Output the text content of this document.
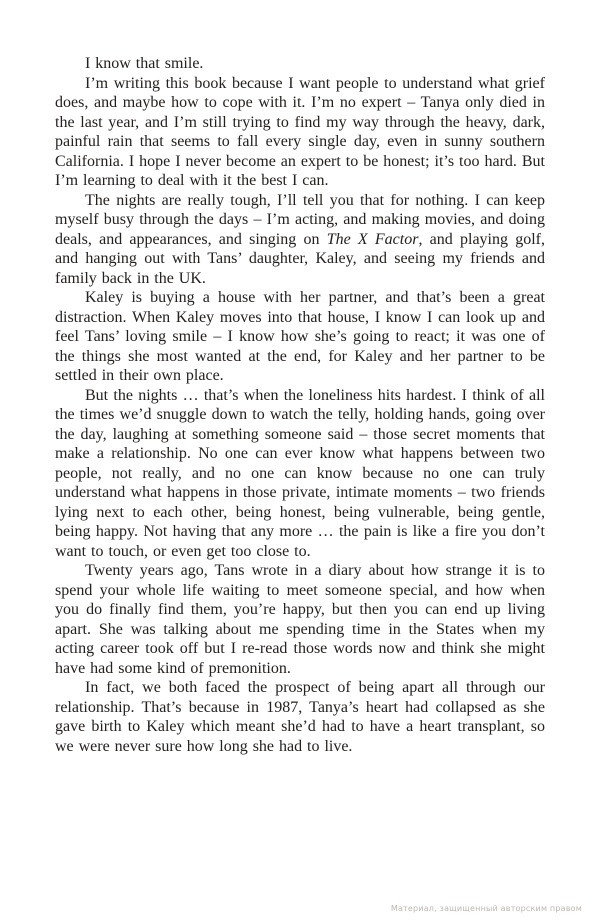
I know that smile.

I’m writing this book because I want people to understand what grief does, and maybe how to cope with it. I’m no expert – Tanya only died in the last year, and I’m still trying to find my way through the heavy, dark, painful rain that seems to fall every single day, even in sunny southern California. I hope I never become an expert to be honest; it’s too hard. But I’m learning to deal with it the best I can.

The nights are really tough, I’ll tell you that for nothing. I can keep myself busy through the days – I’m acting, and making movies, and doing deals, and appearances, and singing on The X Factor, and playing golf, and hanging out with Tans’ daughter, Kaley, and seeing my friends and family back in the UK.

Kaley is buying a house with her partner, and that’s been a great distraction. When Kaley moves into that house, I know I can look up and feel Tans’ loving smile – I know how she’s going to react; it was one of the things she most wanted at the end, for Kaley and her partner to be settled in their own place.

But the nights … that’s when the loneliness hits hardest. I think of all the times we’d snuggle down to watch the telly, holding hands, going over the day, laughing at something someone said – those secret moments that make a relationship. No one can ever know what happens between two people, not really, and no one can know because no one can truly understand what happens in those private, intimate moments – two friends lying next to each other, being honest, being vulnerable, being gentle, being happy. Not having that any more … the pain is like a fire you don’t want to touch, or even get too close to.

Twenty years ago, Tans wrote in a diary about how strange it is to spend your whole life waiting to meet someone special, and how when you do finally find them, you’re happy, but then you can end up living apart. She was talking about me spending time in the States when my acting career took off but I re-read those words now and think she might have had some kind of premonition.

In fact, we both faced the prospect of being apart all through our relationship. That’s because in 1987, Tanya’s heart had collapsed as she gave birth to Kaley which meant she’d had to have a heart transplant, so we were never sure how long she had to live.

Материал, защищенный авторским правом
